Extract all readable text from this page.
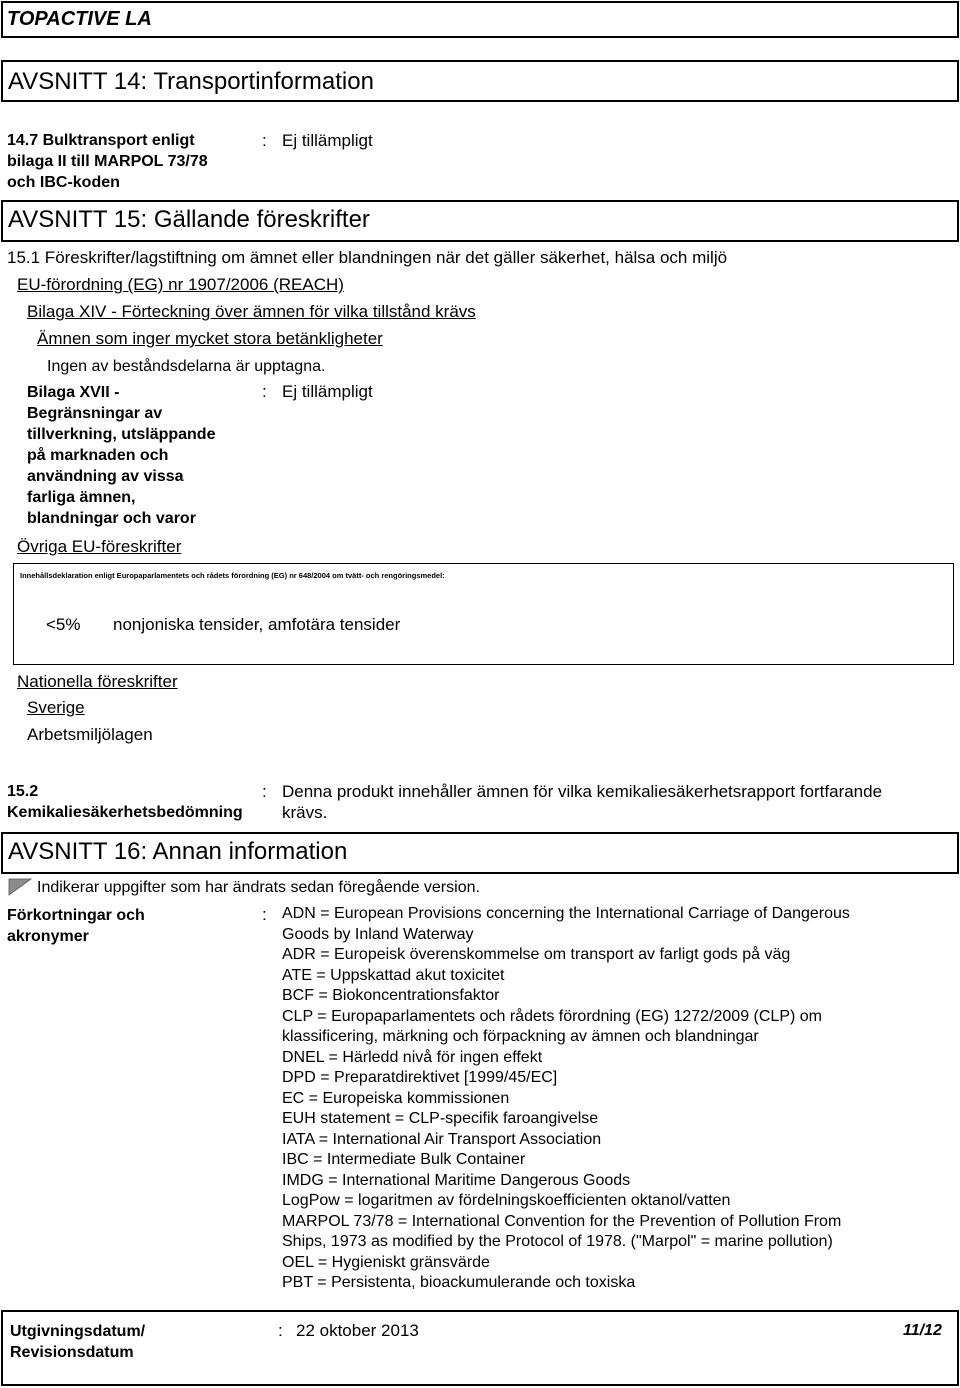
TOPACTIVE LA
AVSNITT 14: Transportinformation
14.7 Bulktransport enligt
bilaga II till MARPOL 73/78
och IBC-koden
: Ej tillämpligt
AVSNITT 15: Gällande föreskrifter
15.1 Föreskrifter/lagstiftning om ämnet eller blandningen när det gäller säkerhet, hälsa och miljö
EU-förordning (EG) nr 1907/2006 (REACH)
Bilaga XIV - Förteckning över ämnen för vilka tillstånd krävs
Ämnen som inger mycket stora betänkligheter
Ingen av beståndsdelarna är upptagna.
Bilaga XVII -
Begränsningar av
tillverkning, utsläppande
på marknaden och
användning av vissa
farliga ämnen,
blandningar och varor
: Ej tillämpligt
Övriga EU-föreskrifter
Innehållsdeklaration enligt Europaparlamentets och rådets förordning (EG) nr 648/2004 om tvätt- och rengöringsmedel:
<5% nonjoniska tensider, amfotära tensider
Nationella föreskrifter
Sverige
Arbetsmiljölagen
15.2
Kemikaliesäkerhetsbedömning
: Denna produkt innehåller ämnen för vilka kemikaliesäkerhetsrapport fortfarande
krävs.
AVSNITT 16: Annan information
Indikerar uppgifter som har ändrats sedan föregående version.
Förkortningar och
akronymer
: ADN = European Provisions concerning the International Carriage of Dangerous
Goods by Inland Waterway
ADR = Europeisk överenskommelse om transport av farligt gods på väg
ATE = Uppskattad akut toxicitet
BCF = Biokoncentrationsfaktor
CLP = Europaparlamentets och rådets förordning (EG) 1272/2009 (CLP) om
klassificering, märkning och förpackning av ämnen och blandningar
DNEL = Härledd nivå för ingen effekt
DPD = Preparatdirektivet [1999/45/EC]
EC = Europeiska kommissionen
EUH statement = CLP-specifik faroangivelse
IATA = International Air Transport Association
IBC = Intermediate Bulk Container
IMDG = International Maritime Dangerous Goods
LogPow = logaritmen av fördelningskoefficienten oktanol/vatten
MARPOL 73/78 = International Convention for the Prevention of Pollution From
Ships, 1973 as modified by the Protocol of 1978. ("Marpol" = marine pollution)
OEL = Hygieniskt gränsvärde
PBT = Persistenta, bioackumulerande och toxiska
Utgivningsdatum/
Revisionsdatum
: 22 oktober 2013	11/12
